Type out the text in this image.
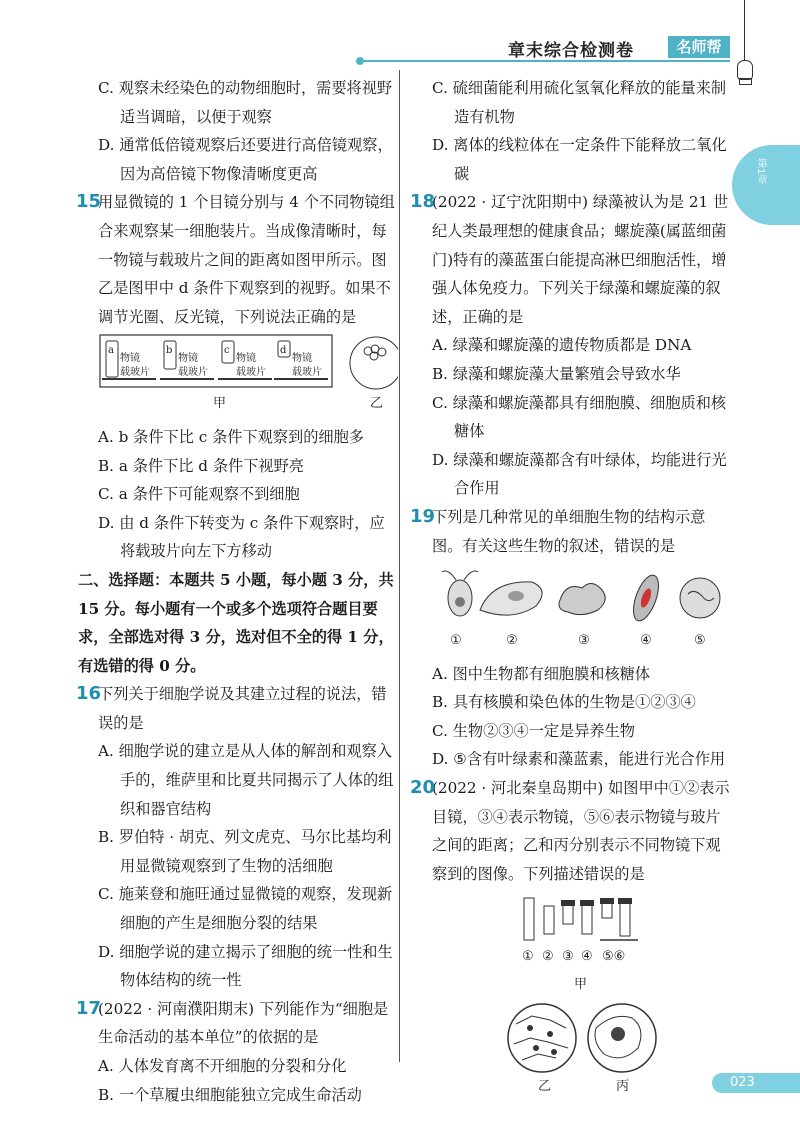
章末综合检测卷	名师帮
第1章
C. 观察未经染色的动物细胞时，需要将视野适当调暗，以便于观察
D. 通常低倍镜观察后还要进行高倍镜观察，因为高倍镜下物像清晰度更高
15
用显微镜的 1 个目镜分别与 4 个不同物镜组合来观察某一细胞装片。当成像清晰时，每一物镜与载玻片之间的距离如图甲所示。图乙是图甲中 d 条件下观察到的视野。如果不调节光圈、反光镜，下列说法正确的是
a
物镜
载玻片
b
物镜
载玻片
c
物镜
载玻片
d
物镜
载玻片
甲	乙
A. b 条件下比 c 条件下观察到的细胞多
B. a 条件下比 d 条件下视野亮
C. a 条件下可能观察不到细胞
D. 由 d 条件下转变为 c 条件下观察时，应将载玻片向左下方移动
二、选择题：本题共 5 小题，每小题 3 分，共 15 分。每小题有一个或多个选项符合题目要求，全部选对得 3 分，选对但不全的得 1 分，有选错的得 0 分。
16
下列关于细胞学说及其建立过程的说法，错误的是
A. 细胞学说的建立是从人体的解剖和观察入手的，维萨里和比夏共同揭示了人体的组织和器官结构
B. 罗伯特 · 胡克、列文虎克、马尔比基均利用显微镜观察到了生物的活细胞
C. 施莱登和施旺通过显微镜的观察，发现新细胞的产生是细胞分裂的结果
D. 细胞学说的建立揭示了细胞的统一性和生物体结构的统一性
17
(2022 · 河南濮阳期末) 下列能作为“细胞是生命活动的基本单位”的依据的是
A. 人体发育离不开细胞的分裂和分化
B. 一个草履虫细胞能独立完成生命活动
C. 硫细菌能利用硫化氢氧化释放的能量来制造有机物
D. 离体的线粒体在一定条件下能释放二氧化碳
18
(2022 · 辽宁沈阳期中) 绿藻被认为是 21 世纪人类最理想的健康食品；螺旋藻(属蓝细菌门)特有的藻蓝蛋白能提高淋巴细胞活性，增强人体免疫力。下列关于绿藻和螺旋藻的叙述，正确的是
A. 绿藻和螺旋藻的遗传物质都是 DNA
B. 绿藻和螺旋藻大量繁殖会导致水华
C. 绿藻和螺旋藻都具有细胞膜、细胞质和核糖体
D. 绿藻和螺旋藻都含有叶绿体，均能进行光合作用
19
下列是几种常见的单细胞生物的结构示意图。有关这些生物的叙述，错误的是
①	②	③	④	⑤
A. 图中生物都有细胞膜和核糖体
B. 具有核膜和染色体的生物是①②③④
C. 生物②③④一定是异养生物
D. ⑤含有叶绿素和藻蓝素，能进行光合作用
20
(2022 · 河北秦皇岛期中) 如图甲中①②表示目镜，③④表示物镜，⑤⑥表示物镜与玻片之间的距离；乙和丙分别表示不同物镜下观察到的图像。下列描述错误的是
① ② ③ ④ ⑤⑥
甲
乙	丙	023
